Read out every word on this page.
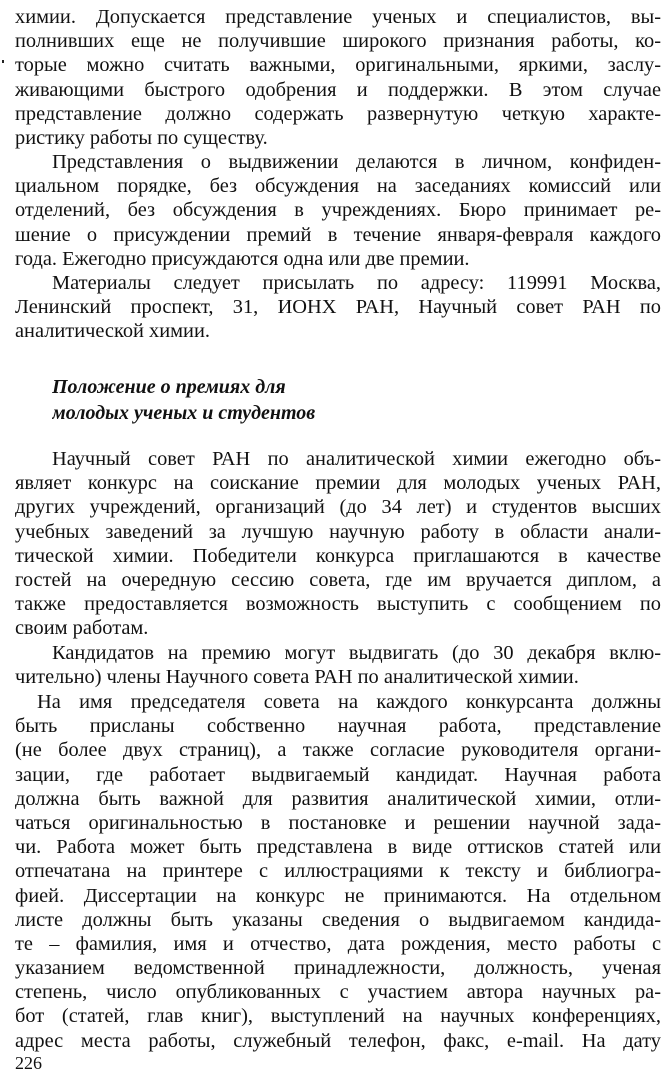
химии. Допускается представление ученых и специалистов, вы-
полнивших еще не получившие широкого признания работы, ко-
торые можно считать важными, оригинальными, яркими, заслу-
живающими быстрого одобрения и поддержки. В этом случае
представление должно содержать развернутую четкую характе-
ристику работы по существу.
Представления о выдвижении делаются в личном, конфиден-
циальном порядке, без обсуждения на заседаниях комиссий или
отделений, без обсуждения в учреждениях. Бюро принимает ре-
шение о присуждении премий в течение января-февраля каждого
года. Ежегодно присуждаются одна или две премии.
Материалы следует присылать по адресу: 119991 Москва,
Ленинский проспект, 31, ИОНХ РАН, Научный совет РАН по
аналитической химии.
Положение о премиях для
молодых ученых и студентов
Научный совет РАН по аналитической химии ежегодно объ-
являет конкурс на соискание премии для молодых ученых РАН,
других учреждений, организаций (до 34 лет) и студентов высших
учебных заведений за лучшую научную работу в области анали-
тической химии. Победители конкурса приглашаются в качестве
гостей на очередную сессию совета, где им вручается диплом, а
также предоставляется возможность выступить с сообщением по
своим работам.
Кандидатов на премию могут выдвигать (до 30 декабря вклю-
чительно) члены Научного совета РАН по аналитической химии.
На имя председателя совета на каждого конкурсанта должны
быть присланы собственно научная работа, представление
(не более двух страниц), а также согласие руководителя органи-
зации, где работает выдвигаемый кандидат. Научная работа
должна быть важной для развития аналитической химии, отли-
чаться оригинальностью в постановке и решении научной зада-
чи. Работа может быть представлена в виде оттисков статей или
отпечатана на принтере с иллюстрациями к тексту и библиогра-
фией. Диссертации на конкурс не принимаются. На отдельном
листе должны быть указаны сведения о выдвигаемом кандида-
те – фамилия, имя и отчество, дата рождения, место работы с
указанием ведомственной принадлежности, должность, ученая
степень, число опубликованных с участием автора научных ра-
бот (статей, глав книг), выступлений на научных конференциях,
адрес места работы, служебный телефон, факс, e-mail. На дату
226
